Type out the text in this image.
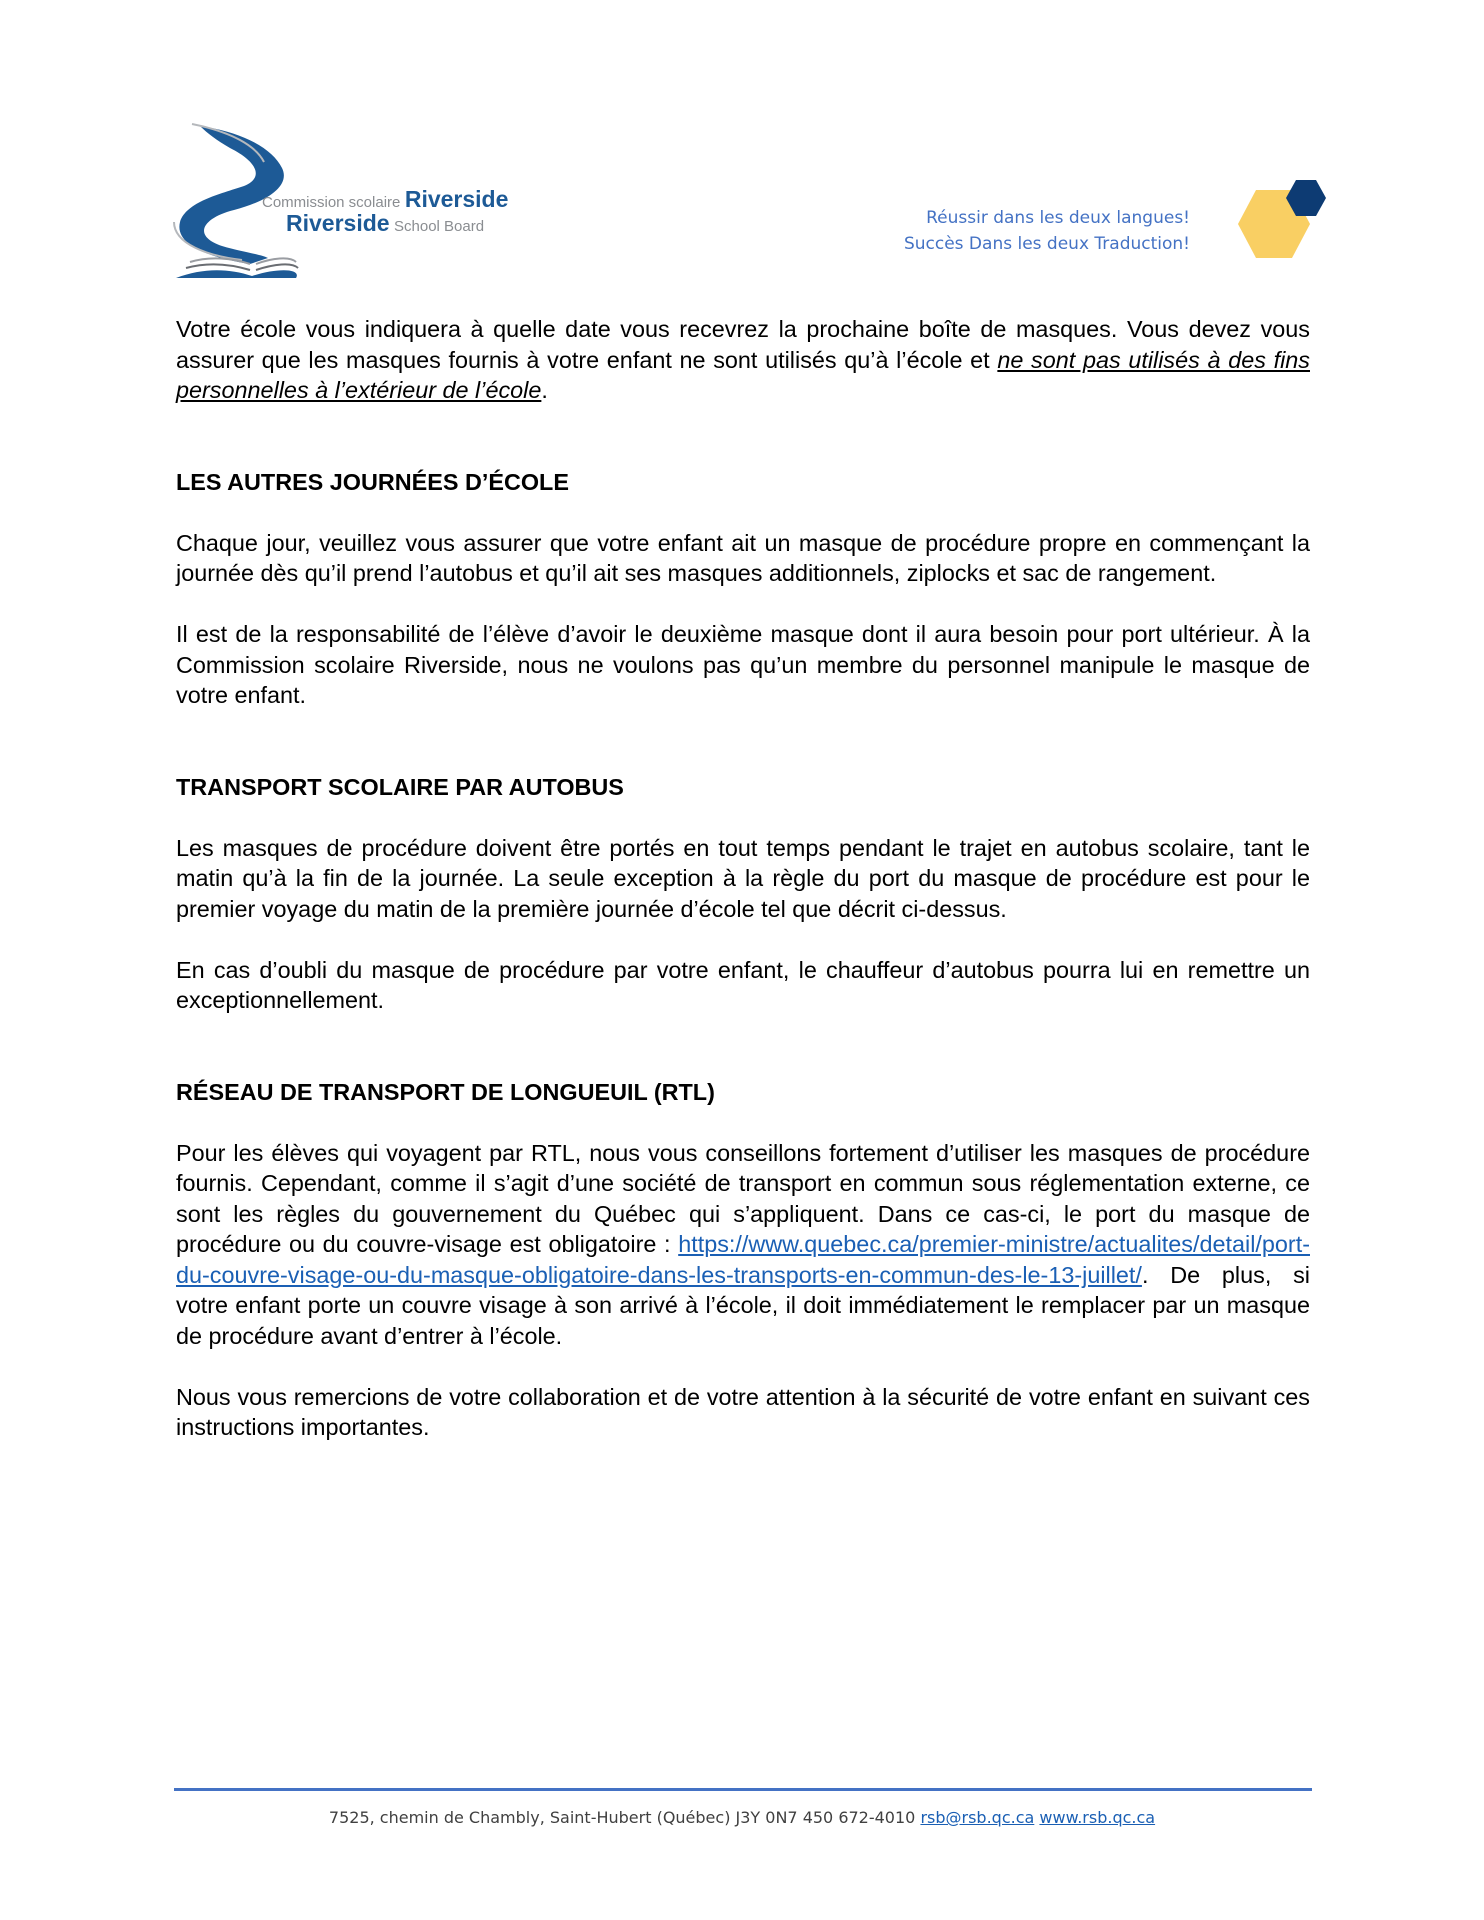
Commission scolaire Riverside
Riverside School Board	Réussir dans les deux langues!
Succès Dans les deux Traduction!

Votre école vous indiquera à quelle date vous recevrez la prochaine boîte de masques. Vous devez vous assurer que les masques fournis à votre enfant ne sont utilisés qu’à l’école et ne sont pas utilisés à des fins personnelles à l’extérieur de l’école.

LES AUTRES JOURNÉES D’ÉCOLE

Chaque jour, veuillez vous assurer que votre enfant ait un masque de procédure propre en commençant la journée dès qu’il prend l’autobus et qu’il ait ses masques additionnels, ziplocks et sac de rangement.

Il est de la responsabilité de l’élève d’avoir le deuxième masque dont il aura besoin pour port ultérieur. À la Commission scolaire Riverside, nous ne voulons pas qu’un membre du personnel manipule le masque de votre enfant.

TRANSPORT SCOLAIRE PAR AUTOBUS

Les masques de procédure doivent être portés en tout temps pendant le trajet en autobus scolaire, tant le matin qu’à la fin de la journée. La seule exception à la règle du port du masque de procédure est pour le premier voyage du matin de la première journée d’école tel que décrit ci-dessus.

En cas d’oubli du masque de procédure par votre enfant, le chauffeur d’autobus pourra lui en remettre un exceptionnellement.

RÉSEAU DE TRANSPORT DE LONGUEUIL (RTL)

Pour les élèves qui voyagent par RTL, nous vous conseillons fortement d’utiliser les masques de procédure fournis. Cependant, comme il s’agit d’une société de transport en commun sous réglementation externe, ce sont les règles du gouvernement du Québec qui s’appliquent. Dans ce cas-ci, le port du masque de procédure ou du couvre-visage est obligatoire : https://www.quebec.ca/premier-ministre/actualites/detail/port-du-couvre-visage-ou-du-masque-obligatoire-dans-les-transports-en-commun-des-le-13-juillet/. De plus, si votre enfant porte un couvre visage à son arrivé à l’école, il doit immédiatement le remplacer par un masque de procédure avant d’entrer à l’école.

Nous vous remercions de votre collaboration et de votre attention à la sécurité de votre enfant en suivant ces instructions importantes.

7525, chemin de Chambly, Saint-Hubert (Québec) J3Y 0N7 450 672-4010 rsb@rsb.qc.ca www.rsb.qc.ca
